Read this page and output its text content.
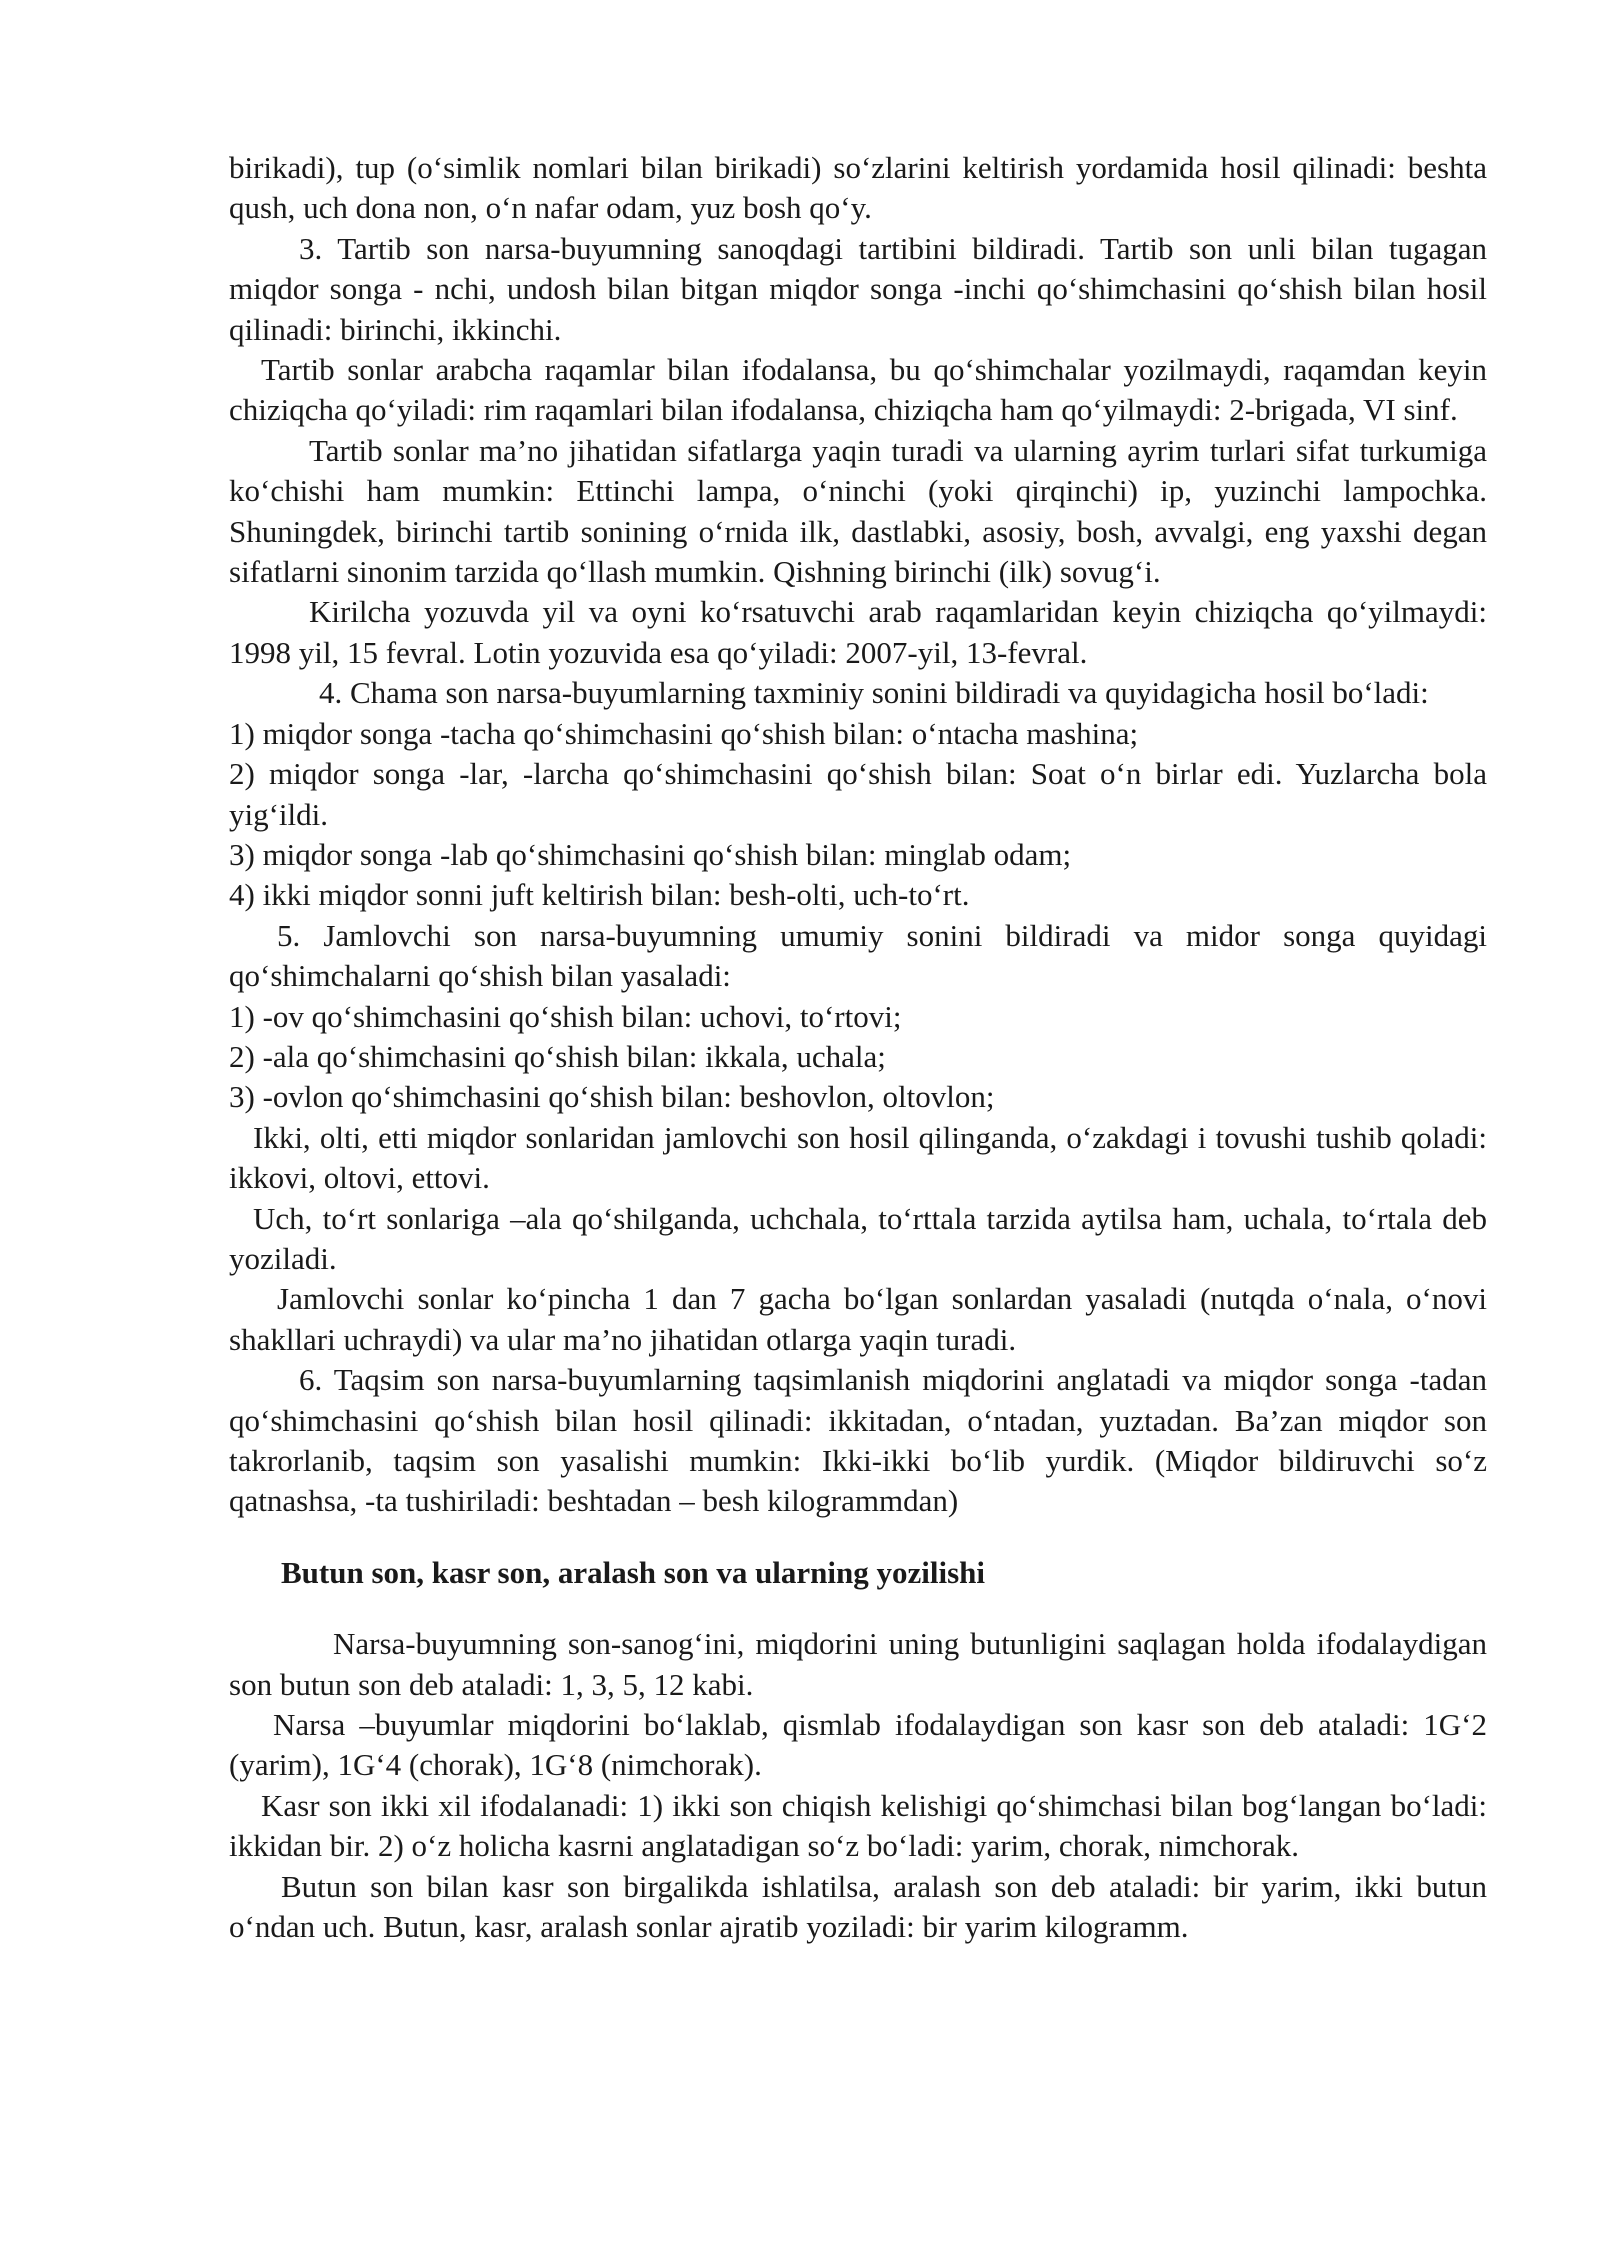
birikadi), tup (o‘simlik nomlari bilan birikadi) so‘zlarini keltirish yordamida hosil qilinadi: beshta qush, uch dona non, o‘n nafar odam, yuz bosh qo‘y.

3. Tartib son narsa-buyumning sanoqdagi tartibini bildiradi. Tartib son unli bilan tugagan miqdor songa - nchi, undosh bilan bitgan miqdor songa -inchi qo‘shimchasini qo‘shish bilan hosil qilinadi: birinchi, ikkinchi.

Tartib sonlar arabcha raqamlar bilan ifodalansa, bu qo‘shimchalar yozilmaydi, raqamdan keyin chiziqcha qo‘yiladi: rim raqamlari bilan ifodalansa, chiziqcha ham qo‘yilmaydi: 2-brigada, VI sinf.

Tartib sonlar ma’no jihatidan sifatlarga yaqin turadi va ularning ayrim turlari sifat turkumiga ko‘chishi ham mumkin: Ettinchi lampa, o‘ninchi (yoki qirqinchi) ip, yuzinchi lampochka. Shuningdek, birinchi tartib sonining o‘rnida ilk, dastlabki, asosiy, bosh, avvalgi, eng yaxshi degan sifatlarni sinonim tarzida qo‘llash mumkin. Qishning birinchi (ilk) sovug‘i.

Kirilcha yozuvda yil va oyni ko‘rsatuvchi arab raqamlaridan keyin chiziqcha qo‘yilmaydi: 1998 yil, 15 fevral. Lotin yozuvida esa qo‘yiladi: 2007-yil, 13-fevral.

4. Chama son narsa-buyumlarning taxminiy sonini bildiradi va quyidagicha hosil bo‘ladi:

1) miqdor songa -tacha qo‘shimchasini qo‘shish bilan: o‘ntacha mashina;

2) miqdor songa -lar, -larcha qo‘shimchasini qo‘shish bilan: Soat o‘n birlar edi. Yuzlarcha bola yig‘ildi.

3) miqdor songa -lab qo‘shimchasini qo‘shish bilan: minglab odam;

4) ikki miqdor sonni juft keltirish bilan: besh-olti, uch-to‘rt.

5. Jamlovchi son narsa-buyumning umumiy sonini bildiradi va midor songa quyidagi qo‘shimchalarni qo‘shish bilan yasaladi:

1) -ov qo‘shimchasini qo‘shish bilan: uchovi, to‘rtovi;

2) -ala qo‘shimchasini qo‘shish bilan: ikkala, uchala;

3) -ovlon qo‘shimchasini qo‘shish bilan: beshovlon, oltovlon;

Ikki, olti, etti miqdor sonlaridan jamlovchi son hosil qilinganda, o‘zakdagi i tovushi tushib qoladi: ikkovi, oltovi, ettovi.

Uch, to‘rt sonlariga –ala qo‘shilganda, uchchala, to‘rttala tarzida aytilsa ham, uchala, to‘rtala deb yoziladi.

Jamlovchi sonlar ko‘pincha 1 dan 7 gacha bo‘lgan sonlardan yasaladi (nutqda o‘nala, o‘novi shakllari uchraydi) va ular ma’no jihatidan otlarga yaqin turadi.

6. Taqsim son narsa-buyumlarning taqsimlanish miqdorini anglatadi va miqdor songa -tadan qo‘shimchasini qo‘shish bilan hosil qilinadi: ikkitadan, o‘ntadan, yuztadan. Ba’zan miqdor son takrorlanib, taqsim son yasalishi mumkin: Ikki-ikki bo‘lib yurdik. (Miqdor bildiruvchi so‘z qatnashsa, -ta tushiriladi: beshtadan – besh kilogrammdan)

Butun son, kasr son, aralash son va ularning yozilishi

Narsa-buyumning son-sanog‘ini, miqdorini uning butunligini saqlagan holda ifodalaydigan son butun son deb ataladi: 1, 3, 5, 12 kabi.

Narsa –buyumlar miqdorini bo‘laklab, qismlab ifodalaydigan son kasr son deb ataladi: 1G‘2 (yarim), 1G‘4 (chorak), 1G‘8 (nimchorak).

Kasr son ikki xil ifodalanadi: 1) ikki son chiqish kelishigi qo‘shimchasi bilan bog‘langan bo‘ladi: ikkidan bir. 2) o‘z holicha kasrni anglatadigan so‘z bo‘ladi: yarim, chorak, nimchorak.

Butun son bilan kasr son birgalikda ishlatilsa, aralash son deb ataladi: bir yarim, ikki butun o‘ndan uch. Butun, kasr, aralash sonlar ajratib yoziladi: bir yarim kilogramm.
